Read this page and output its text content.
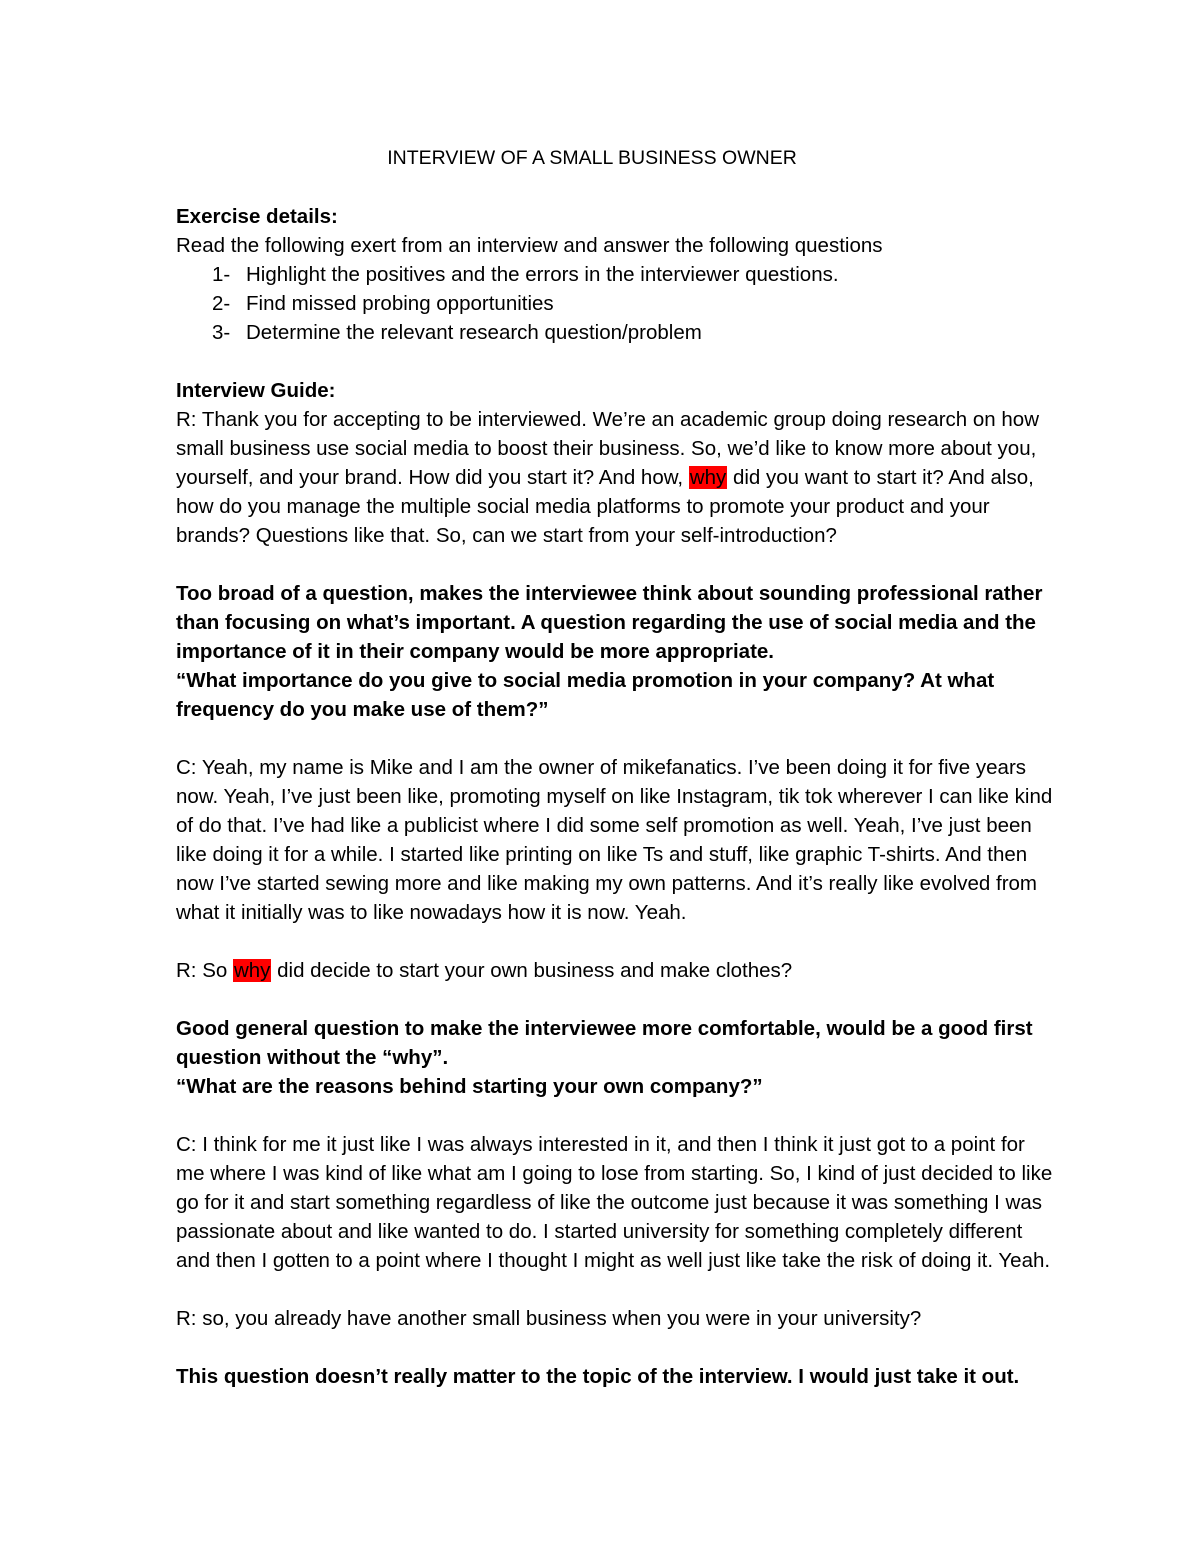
INTERVIEW OF A SMALL BUSINESS OWNER

Exercise details:

Read the following exert from an interview and answer the following questions

1- Highlight the positives and the errors in the interviewer questions.
2- Find missed probing opportunities
3- Determine the relevant research question/problem

Interview Guide:

R: Thank you for accepting to be interviewed. We’re an academic group doing research on how small business use social media to boost their business. So, we’d like to know more about you, yourself, and your brand. How did you start it? And how, why did you want to start it? And also, how do you manage the multiple social media platforms to promote your product and your brands? Questions like that. So, can we start from your self-introduction?

Too broad of a question, makes the interviewee think about sounding professional rather than focusing on what’s important. A question regarding the use of social media and the importance of it in their company would be more appropriate.

“What importance do you give to social media promotion in your company? At what frequency do you make use of them?”

C: Yeah, my name is Mike and I am the owner of mikefanatics. I’ve been doing it for five years now. Yeah, I’ve just been like, promoting myself on like Instagram, tik tok wherever I can like kind of do that. I’ve had like a publicist where I did some self promotion as well. Yeah, I’ve just been like doing it for a while. I started like printing on like Ts and stuff, like graphic T-shirts. And then now I’ve started sewing more and like making my own patterns. And it’s really like evolved from what it initially was to like nowadays how it is now. Yeah.

R: So why did decide to start your own business and make clothes?

Good general question to make the interviewee more comfortable, would be a good first question without the “why”.

“What are the reasons behind starting your own company?”

C: I think for me it just like I was always interested in it, and then I think it just got to a point for me where I was kind of like what am I going to lose from starting. So, I kind of just decided to like go for it and start something regardless of like the outcome just because it was something I was passionate about and like wanted to do. I started university for something completely different and then I gotten to a point where I thought I might as well just like take the risk of doing it. Yeah.

R: so, you already have another small business when you were in your university?

This question doesn’t really matter to the topic of the interview. I would just take it out.
